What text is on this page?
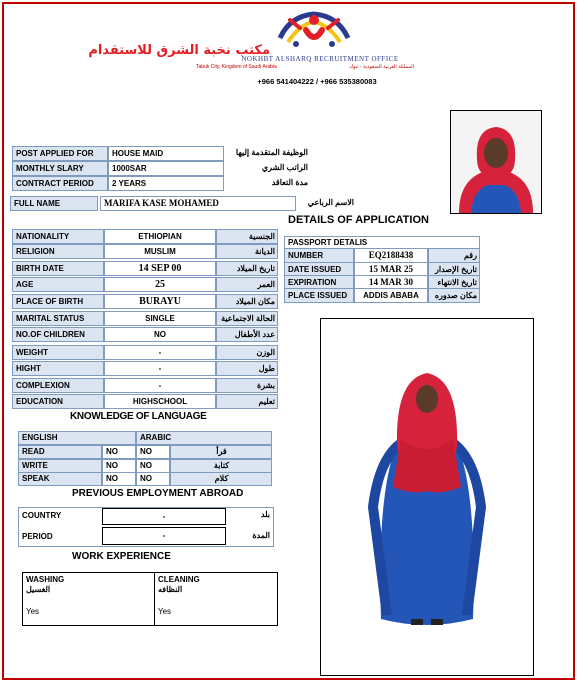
مكتب نخبة الشرق للاستقدام
NOKHBT ALSHARQ RECRUITMENT OFFICE
Tabuk City, Kingdom of Saudi Arabia	المملكة العربية السعودية - تبوك
+966 541404222 / +966 535380083
POST APPLIED FOR	HOUSE MAID	الوظيفة المتقدمة إليها
MONTHLY SLARY	1000SAR	الراتب الشري
CONTRACT PERIOD	2 YEARS	مدة التعاقد
FULL NAME	MARIFA KASE MOHAMED	الاسم الرباعي
DETAILS OF APPLICATION
NATIONALITY	ETHIOPIAN	الجنسية
RELIGION	MUSLIM	الديانة
BIRTH DATE	14 SEP 00	تاريخ الميلاد
AGE	25	العمر
PLACE OF BIRTH	BURAYU	مكان الميلاد
MARITAL STATUS	SINGLE	الحالة الاجتماعية
NO.OF CHILDREN	NO	عدد الأطفال
WEIGHT	-	الوزن
HIGHT	-	طول
COMPLEXION	-	بشرة
EDUCATION	HIGHSCHOOL	تعليم
PASSPORT DETALIS
NUMBER	EQ2188438	رقم
DATE ISSUED	15 MAR 25	تاريخ الإصدار
EXPIRATION	14 MAR 30	تاريخ الانتهاء
PLACE ISSUED	ADDIS ABABA	مكان صدوره
KNOWLEDGE OF LANGUAGE
ENGLISH	ARABIC
READ	NO	NO	قرأ
WRITE	NO	NO	كتابة
SPEAK	NO	NO	كلام
PREVIOUS EMPLOYMENT ABROAD
COUNTRY	-	بلد
PERIOD	-	المدة
WORK EXPERIENCE
WASHING
الغسيل
Yes
CLEANING
النظافه
Yes
